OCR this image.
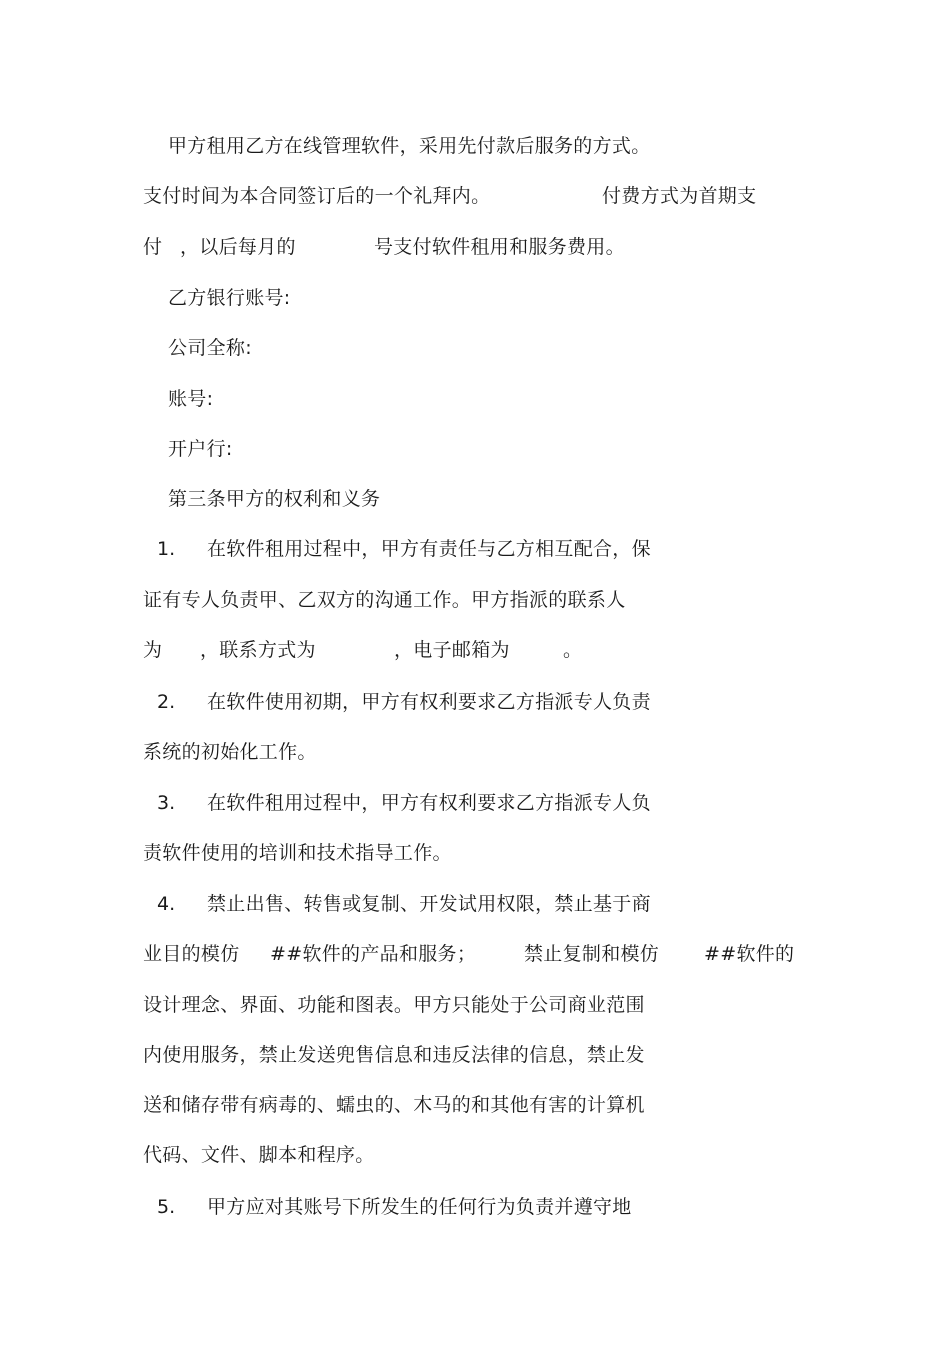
甲方租用乙方在线管理软件，采用先付款后服务的方式。
支付时间为本合同签订后的一个礼拜内。	付费方式为首期支
付 ，以后每月的	号支付软件租用和服务费用。
乙方银行账号:
公司全称:
账号:
开户行:
第三条甲方的权利和义务
1. 在软件租用过程中，甲方有责任与乙方相互配合，保
证有专人负责甲、乙双方的沟通工作。甲方指派的联系人
为 ，联系方式为	，电子邮箱为	。
2. 在软件使用初期，甲方有权利要求乙方指派专人负责
系统的初始化工作。
3. 在软件租用过程中，甲方有权利要求乙方指派专人负
责软件使用的培训和技术指导工作。
4. 禁止出售、转售或复制、开发试用权限，禁止基于商
业目的模仿 ##软件的产品和服务；	禁止复制和模仿 ##软件的
设计理念、界面、功能和图表。甲方只能处于公司商业范围
内使用服务，禁止发送兜售信息和违反法律的信息，禁止发
送和储存带有病毒的、蠕虫的、木马的和其他有害的计算机
代码、文件、脚本和程序。
5. 甲方应对其账号下所发生的任何行为负责并遵守地
